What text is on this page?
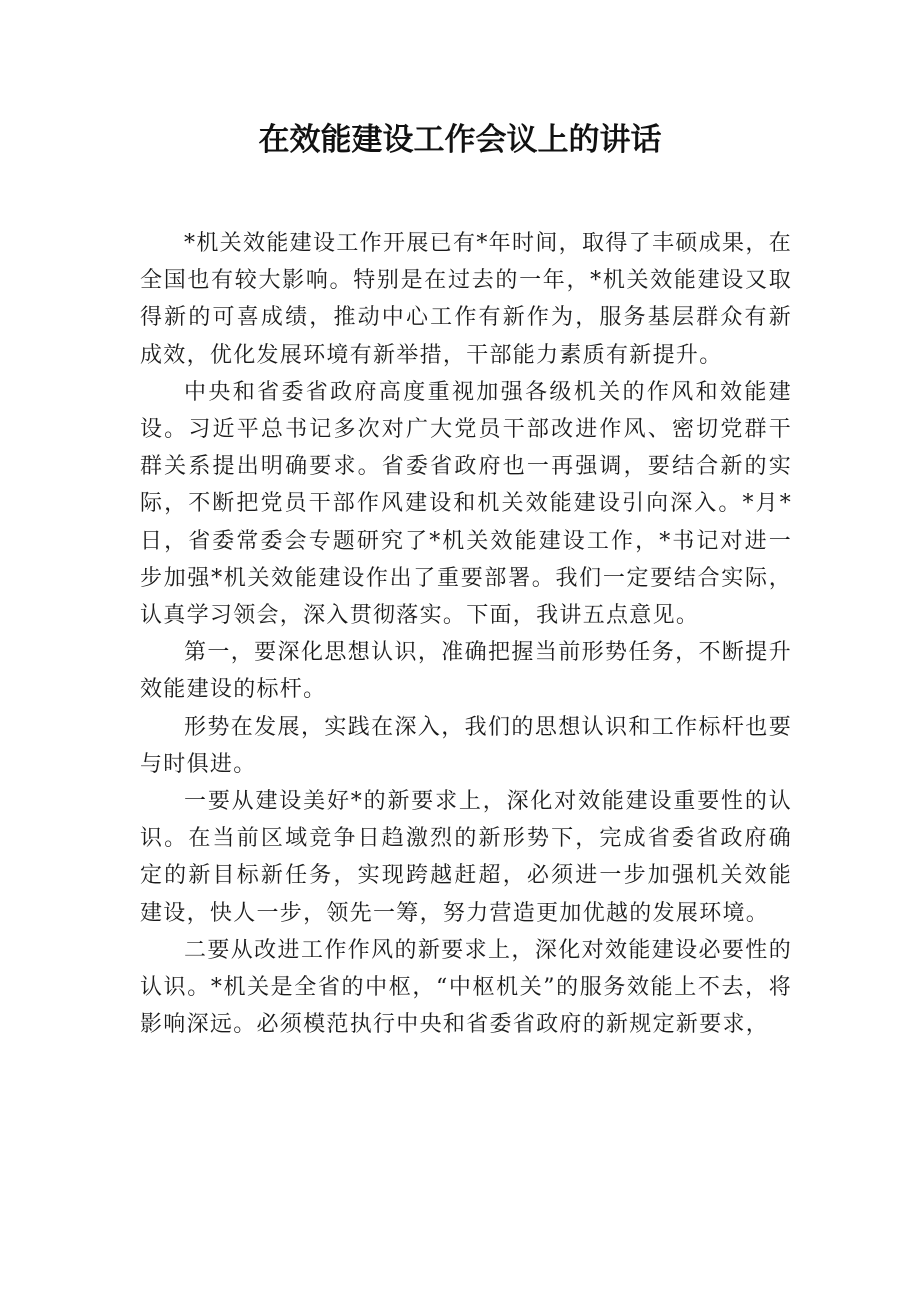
在效能建设工作会议上的讲话

*机关效能建设工作开展已有*年时间，取得了丰硕成果，在全国也有较大影响。特别是在过去的一年，*机关效能建设又取得新的可喜成绩，推动中心工作有新作为，服务基层群众有新成效，优化发展环境有新举措，干部能力素质有新提升。

中央和省委省政府高度重视加强各级机关的作风和效能建设。习近平总书记多次对广大党员干部改进作风、密切党群干群关系提出明确要求。省委省政府也一再强调，要结合新的实际，不断把党员干部作风建设和机关效能建设引向深入。*月*日，省委常委会专题研究了*机关效能建设工作，*书记对进一步加强*机关效能建设作出了重要部署。我们一定要结合实际，认真学习领会，深入贯彻落实。下面，我讲五点意见。

第一，要深化思想认识，准确把握当前形势任务，不断提升效能建设的标杆。

形势在发展，实践在深入，我们的思想认识和工作标杆也要与时俱进。

一要从建设美好*的新要求上，深化对效能建设重要性的认识。在当前区域竞争日趋激烈的新形势下，完成省委省政府确定的新目标新任务，实现跨越赶超，必须进一步加强机关效能建设，快人一步，领先一筹，努力营造更加优越的发展环境。

二要从改进工作作风的新要求上，深化对效能建设必要性的认识。*机关是全省的中枢，“中枢机关”的服务效能上不去，将影响深远。必须模范执行中央和省委省政府的新规定新要求，
